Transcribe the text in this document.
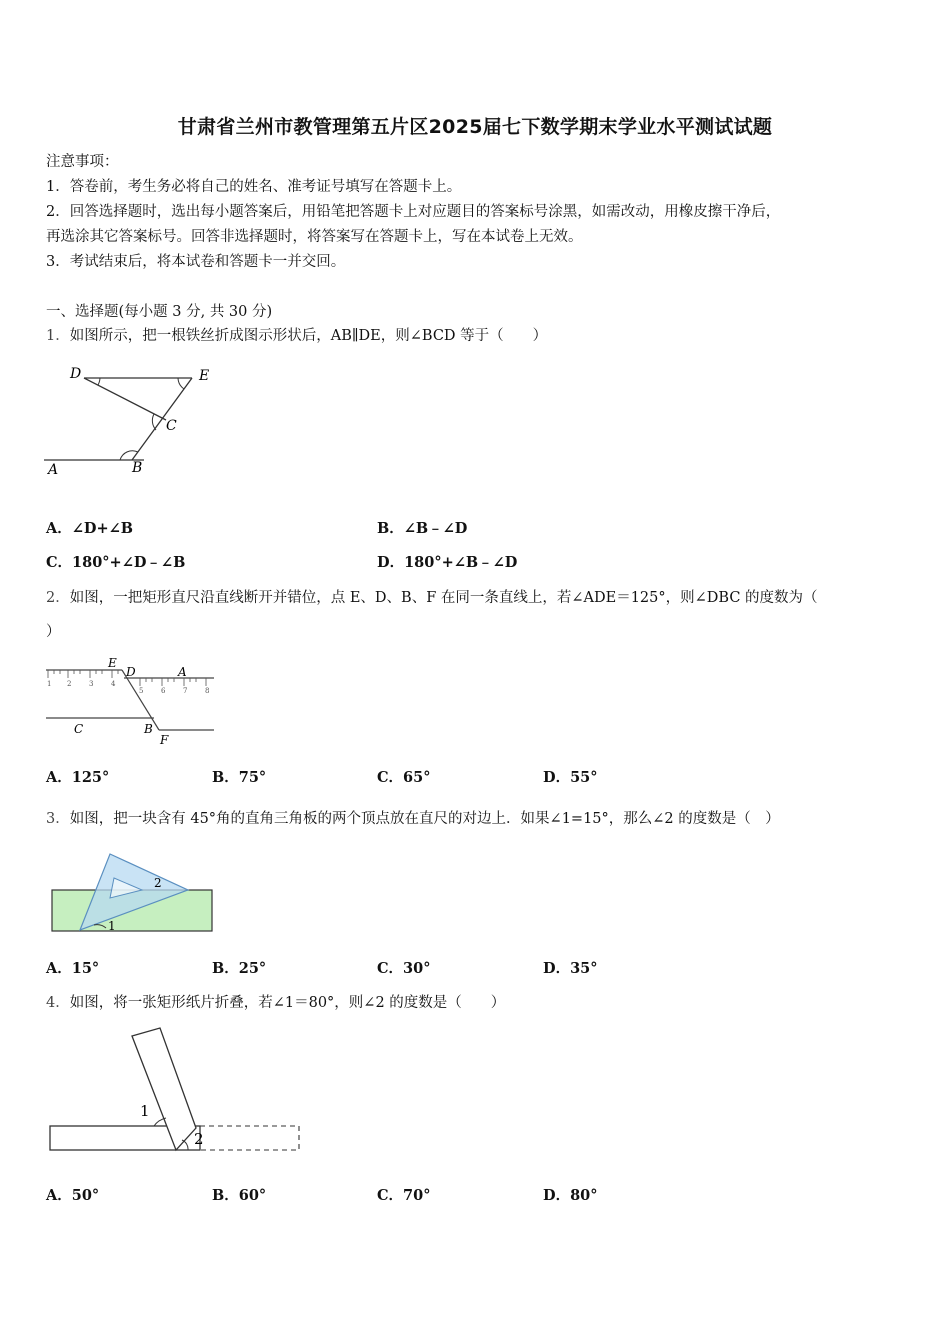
甘肃省兰州市教管理第五片区2025届七下数学期末学业水平测试试题
注意事项：
1．答卷前，考生务必将自己的姓名、准考证号填写在答题卡上。
2．回答选择题时，选出每小题答案后，用铅笔把答题卡上对应题目的答案标号涂黑，如需改动，用橡皮擦干净后，
再选涂其它答案标号。回答非选择题时，将答案写在答题卡上，写在本试卷上无效。
3．考试结束后，将本试卷和答题卡一并交回。
一、选择题(每小题 3 分, 共 30 分)
1．如图所示，把一根铁丝折成图示形状后，AB∥DE，则∠BCD 等于（　　）
D	E
C
A	B
A．∠D+∠B	B．∠B﹣∠D
C．180°+∠D﹣∠B	D．180°+∠B﹣∠D
2．如图，一把矩形直尺沿直线断开并错位，点 E、D、B、F 在同一条直线上，若∠ADE＝125°，则∠DBC 的度数为（
）
1 2	3	4
5	6	7	8
E
D	A
C	B
F
A．125°	B．75°	C．65°	D．55°
3．如图，把一块含有 45°角的直角三角板的两个顶点放在直尺的对边上．如果∠1=15°，那么∠2 的度数是（　）
1
2
A．15°	B．25°	C．30°	D．35°
4．如图，将一张矩形纸片折叠，若∠1＝80°，则∠2 的度数是（　　）
1
2
A．50°	B．60°	C．70°	D．80°
